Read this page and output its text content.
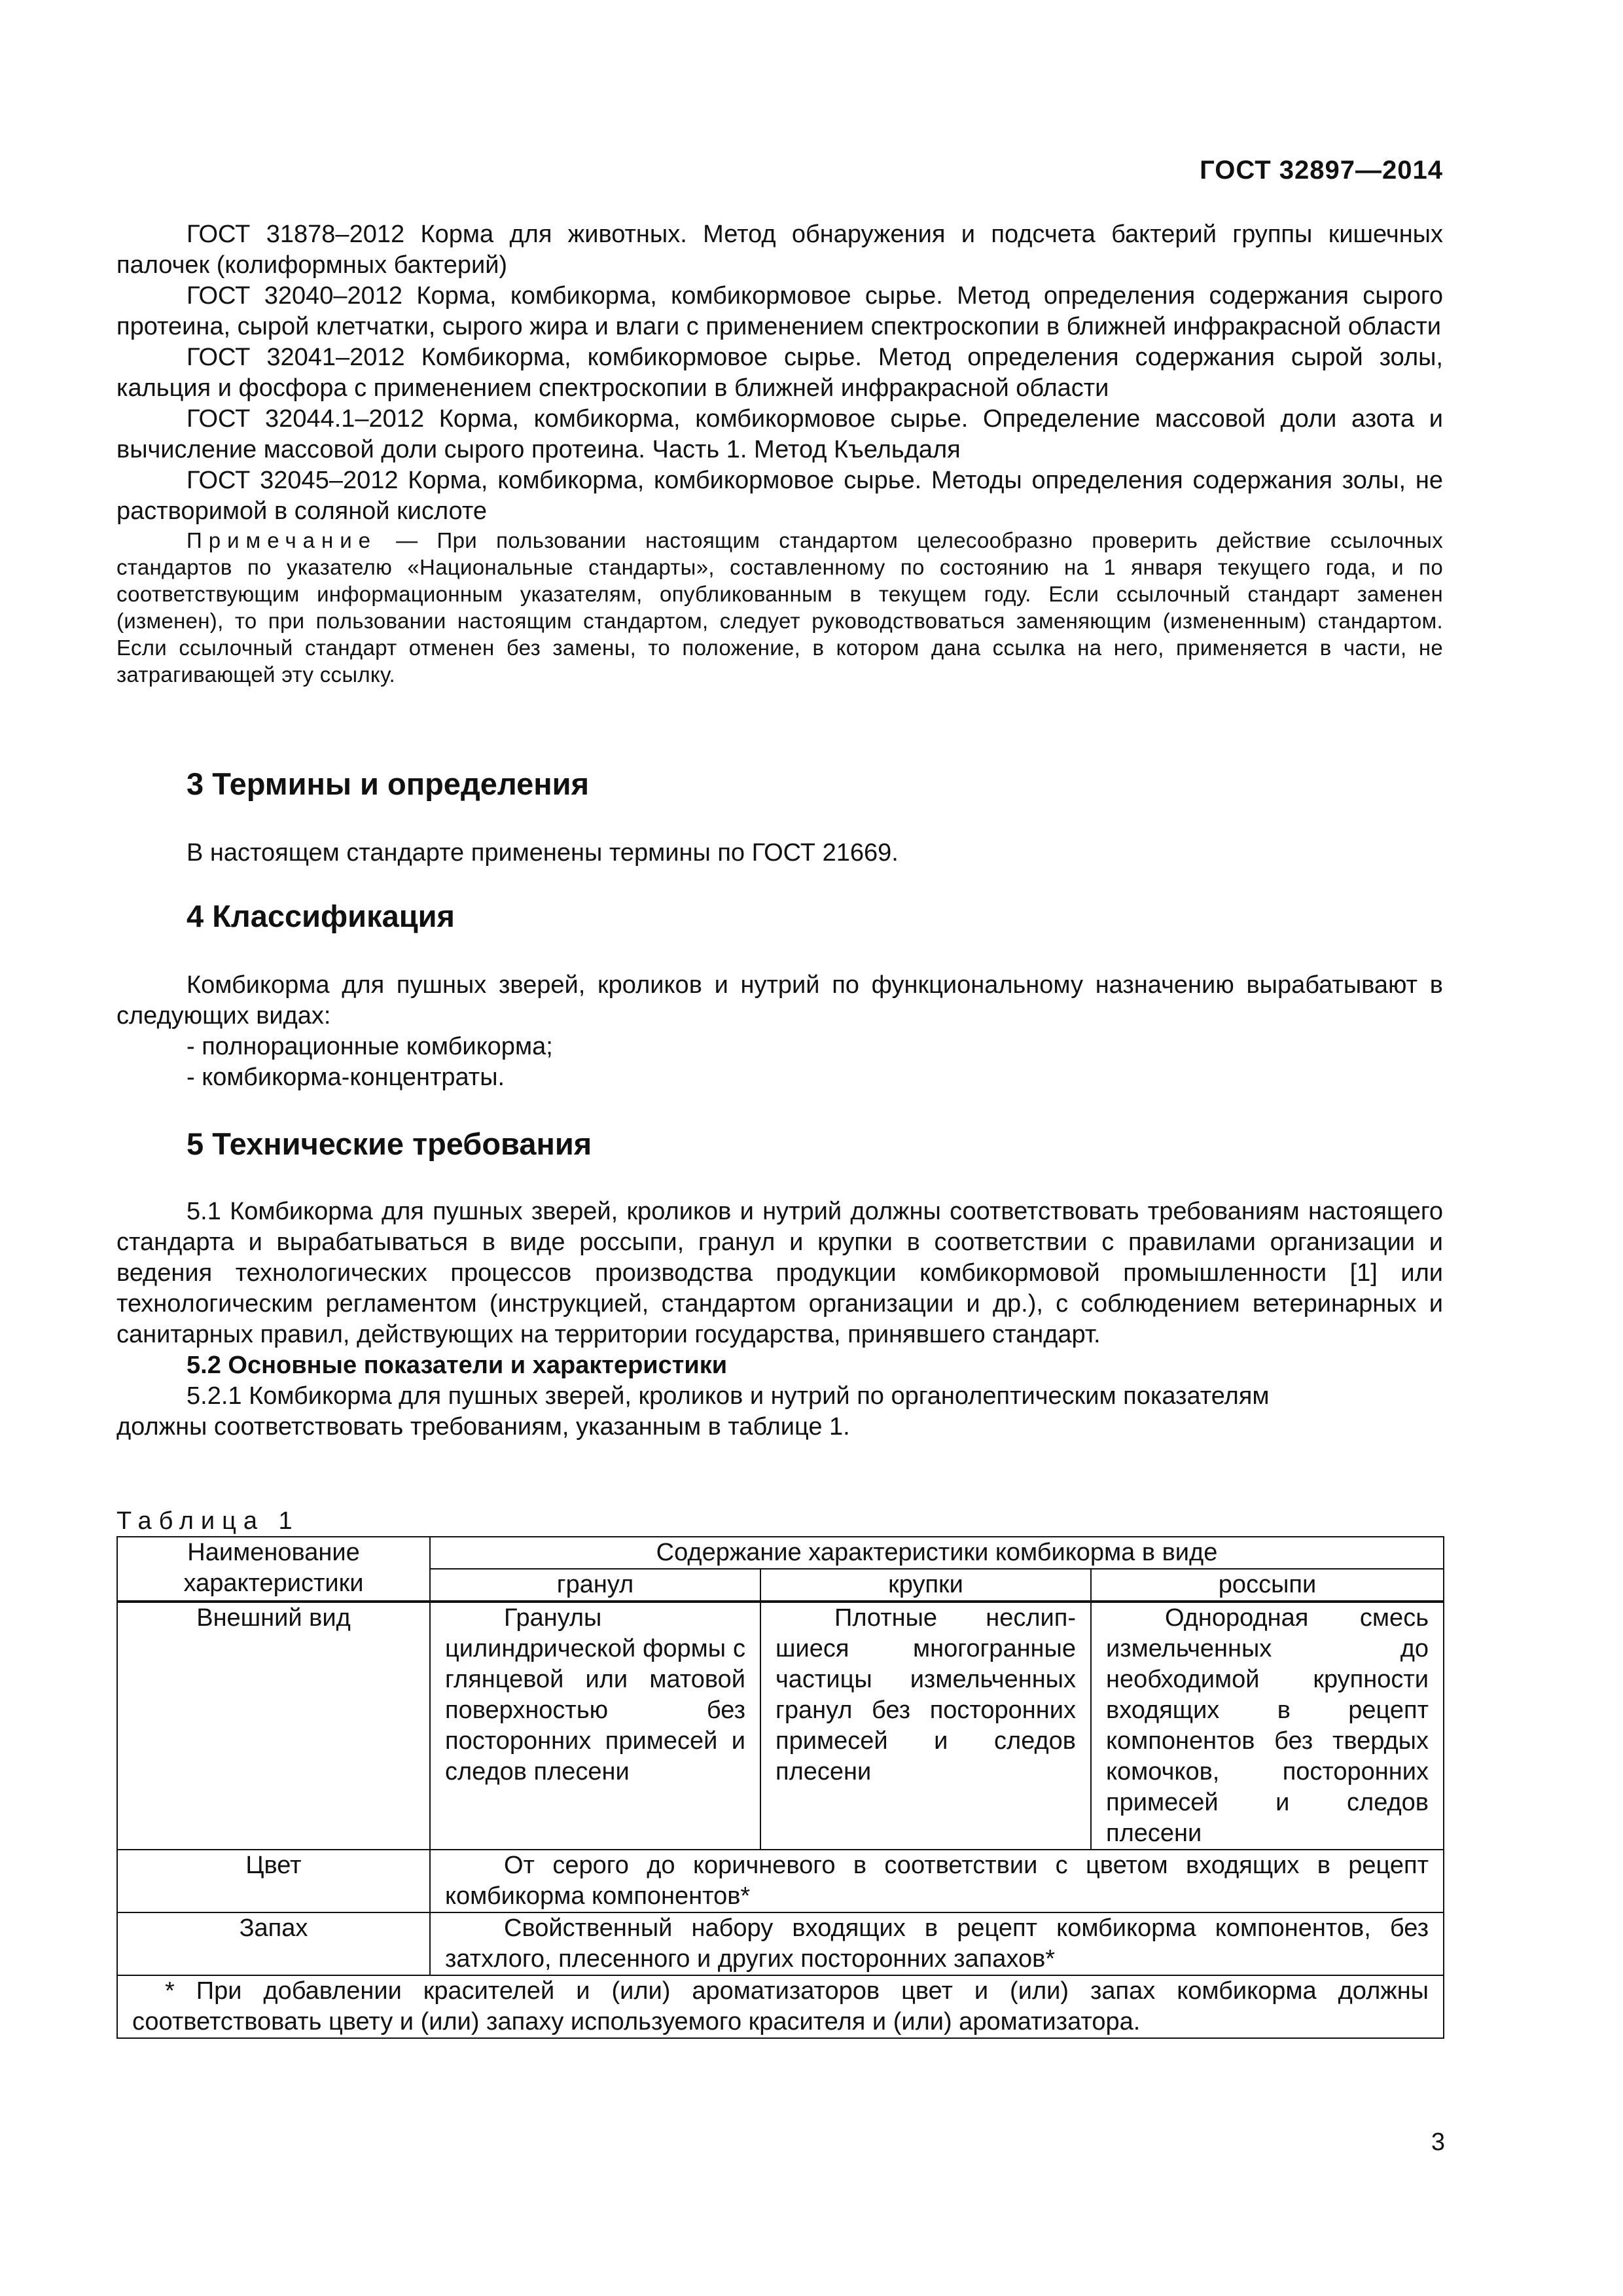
ГОСТ 32897—2014

ГОСТ 31878–2012 Корма для животных. Метод обнаружения и подсчета бактерий группы кишечных палочек (колиформных бактерий)

ГОСТ 32040–2012 Корма, комбикорма, комбикормовое сырье. Метод определения содержания сырого протеина, сырой клетчатки, сырого жира и влаги с применением спектроскопии в ближней инфракрасной области

ГОСТ 32041–2012 Комбикорма, комбикормовое сырье. Метод определения содержания сырой золы, кальция и фосфора с применением спектроскопии в ближней инфракрасной области

ГОСТ 32044.1–2012 Корма, комбикорма, комбикормовое сырье. Определение массовой доли азота и вычисление массовой доли сырого протеина. Часть 1. Метод Къельдаля

ГОСТ 32045–2012 Корма, комбикорма, комбикормовое сырье. Методы определения содержания золы, не растворимой в соляной кислоте

Примечание — При пользовании настоящим стандартом целесообразно проверить действие ссылочных стандартов по указателю «Национальные стандарты», составленному по состоянию на 1 января текущего года, и по соответствующим информационным указателям, опубликованным в текущем году. Если ссылочный стандарт заменен (изменен), то при пользовании настоящим стандартом, следует руководствоваться заменяющим (измененным) стандартом. Если ссылочный стандарт отменен без замены, то положение, в котором дана ссылка на него, применяется в части, не затрагивающей эту ссылку.

3 Термины и определения

В настоящем стандарте применены термины по ГОСТ 21669.

4 Классификация

Комбикорма для пушных зверей, кроликов и нутрий по функциональному назначению вырабатывают в следующих видах:

- полнорационные комбикорма;
- комбикорма-концентраты.
5 Технические требования

5.1 Комбикорма для пушных зверей, кроликов и нутрий должны соответствовать требованиям настоящего стандарта и вырабатываться в виде россыпи, гранул и крупки в соответствии с правилами организации и ведения технологических процессов производства продукции комбикормовой промышленности [1] или технологическим регламентом (инструкцией, стандартом организации и др.), с соблюдением ветеринарных и санитарных правил, действующих на территории государства, принявшего стандарт.

5.2 Основные показатели и характеристики

5.2.1 Комбикорма для пушных зверей, кроликов и нутрий по органолептическим показателям

должны соответствовать требованиям, указанным в таблице 1.

Таблица 1
Наименование характеристики	Содержание характеристики комбикорма в виде		
	гранул	крупки	россыпи
Внешний вид	Гранулы цилиндрической формы с глянцевой или матовой поверхностью без посторонних примесей и следов плесени	Плотные неслип-шиеся многогранные частицы измельченных гранул без посторонних примесей и следов плесени	Однородная смесь измельченных до необходимой крупности входящих в рецепт компонентов без твердых комочков, посторонних примесей и следов плесени
Цвет	От серого до коричневого в соответствии с цветом входящих в рецепт комбикорма компонентов*		
Запах	Свойственный набору входящих в рецепт комбикорма компонентов, без затхлого, плесенного и других посторонних запахов*		
* При добавлении красителей и (или) ароматизаторов цвет и (или) запах комбикорма должны соответствовать цвету и (или) запаху используемого красителя и (или) ароматизатора.			
3
